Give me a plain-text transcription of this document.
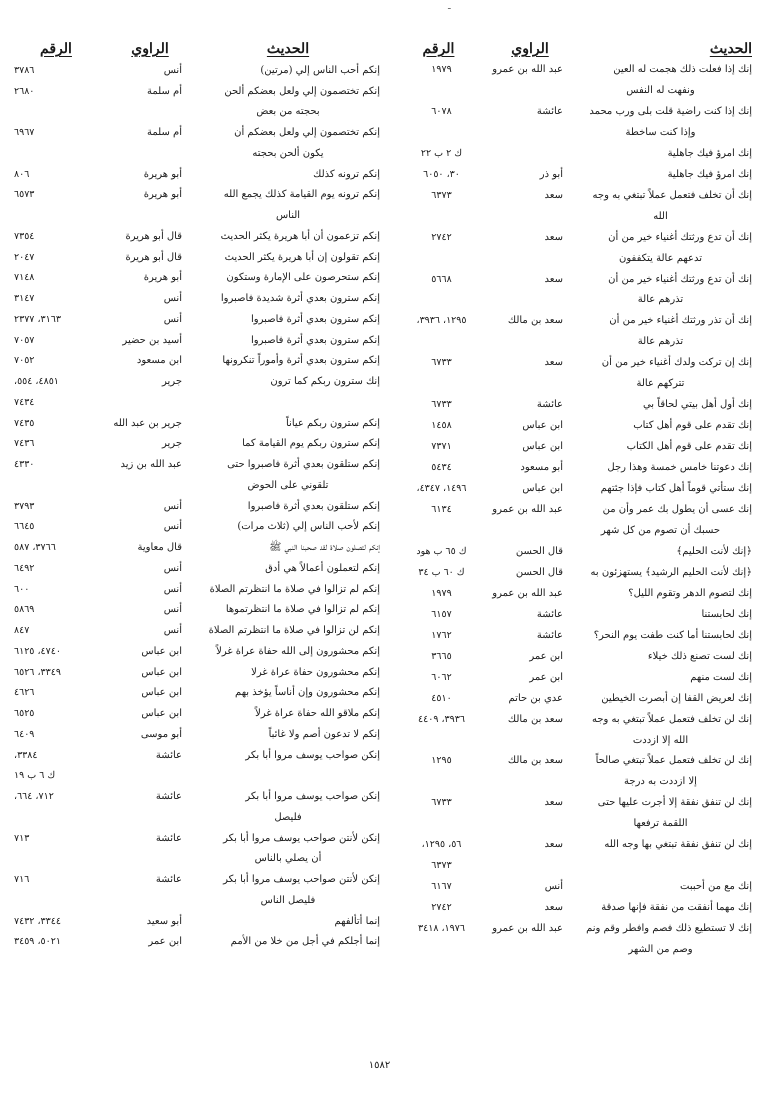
ـ
الحديث
الراوي
الرقم
إنك إذا فعلت ذلك هجمت له العين
ونفهت له النفس
عبد الله بن عمرو
١٩٧٩
إنك إذا كنت راضية قلت بلى ورب محمد
وإذا كنت ساخطة
عائشة
٦٠٧٨
إنك امرؤ فيك جاهلية
ك ٢ ب ٢٢
إنك امرؤ فيك جاهلية
أبو ذر
٣٠، ٦٠٥٠
إنك أن تخلف فتعمل عملاً تبتغي به وجه
الله
سعد
٦٣٧٣
إنك أن تدع ورثتك أغنياء خير من أن
تدعهم عالة يتكففون
سعد
٢٧٤٢
إنك أن تدع ورثتك أغنياء خير من أن
تذرهم عالة
سعد
٥٦٦٨
إنك أن تذر ورثتك أغنياء خير من أن
تذرهم عالة
سعد بن مالك
١٢٩٥، ٣٩٣٦،
إنك إن تركت ولدك أغنياء خير من أن
تتركهم عالة
سعد
٦٧٣٣
إنك أول أهل بيتي لحاقاً بي
عائشة
٦٧٣٣
إنك تقدم على قوم أهل كتاب
ابن عباس
١٤٥٨
إنك تقدم على قوم أهل الكتاب
ابن عباس
٧٣٧١
إنك دعوتنا خامس خمسة وهذا رجل
أبو مسعود
٥٤٣٤
إنك ستأتي قوماً أهل كتاب فإذا جئتهم
ابن عباس
١٤٩٦، ٤٣٤٧،
إنك عسى أن يطول بك عمر وأن من
حسبك أن تصوم من كل شهر
عبد الله بن عمرو
٦١٣٤
﴿إنك لأنت الحليم﴾
قال الحسن
ك ٦٥ ب هود
﴿إنك لأنت الحليم الرشيد﴾ يستهزئون به
قال الحسن
ك ٦٠ ب ٣٤
إنك لتصوم الدهر وتقوم الليل؟
عبد الله بن عمرو
١٩٧٩
إنك لحابستنا
عائشة
٦١٥٧
إنك لحابستنا أما كنت طفت يوم النحر؟
عائشة
١٧٦٢
إنك لست تصنع ذلك خيلاء
ابن عمر
٣٦٦٥
إنك لست منهم
ابن عمر
٦٠٦٢
إنك لعريض القفا إن أبصرت الخيطين
عدي بن حاتم
٤٥١٠
إنك لن تخلف فتعمل عملاً تبتغي به وجه
الله إلا ازددت
سعد بن مالك
٣٩٣٦، ٤٤٠٩
إنك لن تخلف فتعمل عملاً تبتغي صالحاً
إلا ازددت به درجة
سعد بن مالك
١٢٩٥
إنك لن تنفق نفقة إلا أجرت عليها حتى
اللقمة ترفعها
سعد
٦٧٣٣
إنك لن تنفق نفقة تبتغي بها وجه الله
سعد
٥٦، ١٢٩٥،
٦٣٧٣
إنك مع من أحببت
أنس
٦١٦٧
إنك مهما أنفقت من نفقة فإنها صدقة
سعد
٢٧٤٢
إنك لا تستطيع ذلك فصم وافطر وقم ونم
وصم من الشهر
عبد الله بن عمرو
١٩٧٦، ٣٤١٨
الحديث
الراوي
الرقم
إنكم أحب الناس إلي (مرتين)
أنس
٣٧٨٦
إنكم تختصمون إلي ولعل بعضكم ألحن
أم سلمة
٢٦٨٠
بحجته من بعض
إنكم تختصمون إلي ولعل بعضكم أن
أم سلمة
٦٩٦٧
يكون ألحن بحجته
إنكم ترونه كذلك
أبو هريرة
٨٠٦
إنكم ترونه يوم القيامة كذلك يجمع الله
أبو هريرة
٦٥٧٣
الناس
إنكم تزعمون أن أبا هريرة يكثر الحديث
قال أبو هريرة
٧٣٥٤
إنكم تقولون إن أبا هريرة يكثر الحديث
قال أبو هريرة
٢٠٤٧
إنكم ستحرصون على الإمارة وستكون
أبو هريرة
٧١٤٨
إنكم سترون بعدي أثرة شديدة فاصبروا
أنس
٣١٤٧
إنكم سترون بعدي أثرة فاصبروا
أنس
٣١٦٣، ٢٣٧٧
إنكم سترون بعدي أثرة فاصبروا
أسيد بن حضير
٧٠٥٧
إنكم سترون بعدي أثرة وأموراً تنكرونها
ابن مسعود
٧٠٥٢
إنك سترون ربكم كما ترون
جرير
٤٨٥١، ٥٥٤،
٧٤٣٤
إنكم سترون ربكم عياناً
جرير بن عبد الله
٧٤٣٥
إنكم سترون ربكم يوم القيامة كما
جرير
٧٤٣٦
إنكم ستلقون بعدي أثرة فاصبروا حتى
عبد الله بن زيد
٤٣٣٠
تلقوني على الحوض
إنكم ستلقون بعدي أثرة فاصبروا
أنس
٣٧٩٣
إنكم لأحب الناس إلي (ثلاث مرات)
أنس
٦٦٤٥
إنكم لتصلون صلاة لقد صحبنا النبي ﷺ
قال معاوية
٣٧٦٦، ٥٨٧
إنكم لتعملون أعمالاً هي أدق
أنس
٦٤٩٢
إنكم لم تزالوا في صلاة ما انتظرتم الصلاة
أنس
٦٠٠
إنكم لم تزالوا في صلاة ما انتظرتموها
أنس
٥٨٦٩
إنكم لن تزالوا في صلاة ما انتظرتم الصلاة
أنس
٨٤٧
إنكم محشورون إلى الله حفاة عراة غرلاً
ابن عباس
٤٧٤٠، ٦١٢٥
إنكم محشورون حفاة عراة غرلا
ابن عباس
٣٣٤٩، ٦٥٢٦
إنكم محشورون وإن أناساً يؤخذ بهم
ابن عباس
٤٦٢٦
إنكم ملاقو الله حفاة عراة غرلاً
ابن عباس
٦٥٢٥
إنكم لا تدعون أصم ولا غائباً
أبو موسى
٦٤٠٩
إنكن صواحب يوسف مروا أبا بكر
عائشة
٣٣٨٤،
ك ٦ ب ١٩
إنكن صواحب يوسف مروا أبا بكر
عائشة
٧١٢، ٦٦٤،
فليصل
إنكن لأنتن صواحب يوسف مروا أبا بكر
عائشة
٧١٣
أن يصلي بالناس
إنكن لأنتن صواحب يوسف مروا أبا بكر
عائشة
٧١٦
فليصل الناس
إنما أتألفهم
أبو سعيد
٣٣٤٤، ٧٤٣٢
إنما أجلكم في أجل من خلا من الأمم
ابن عمر
٥٠٢١، ٣٤٥٩
١٥٨٢
